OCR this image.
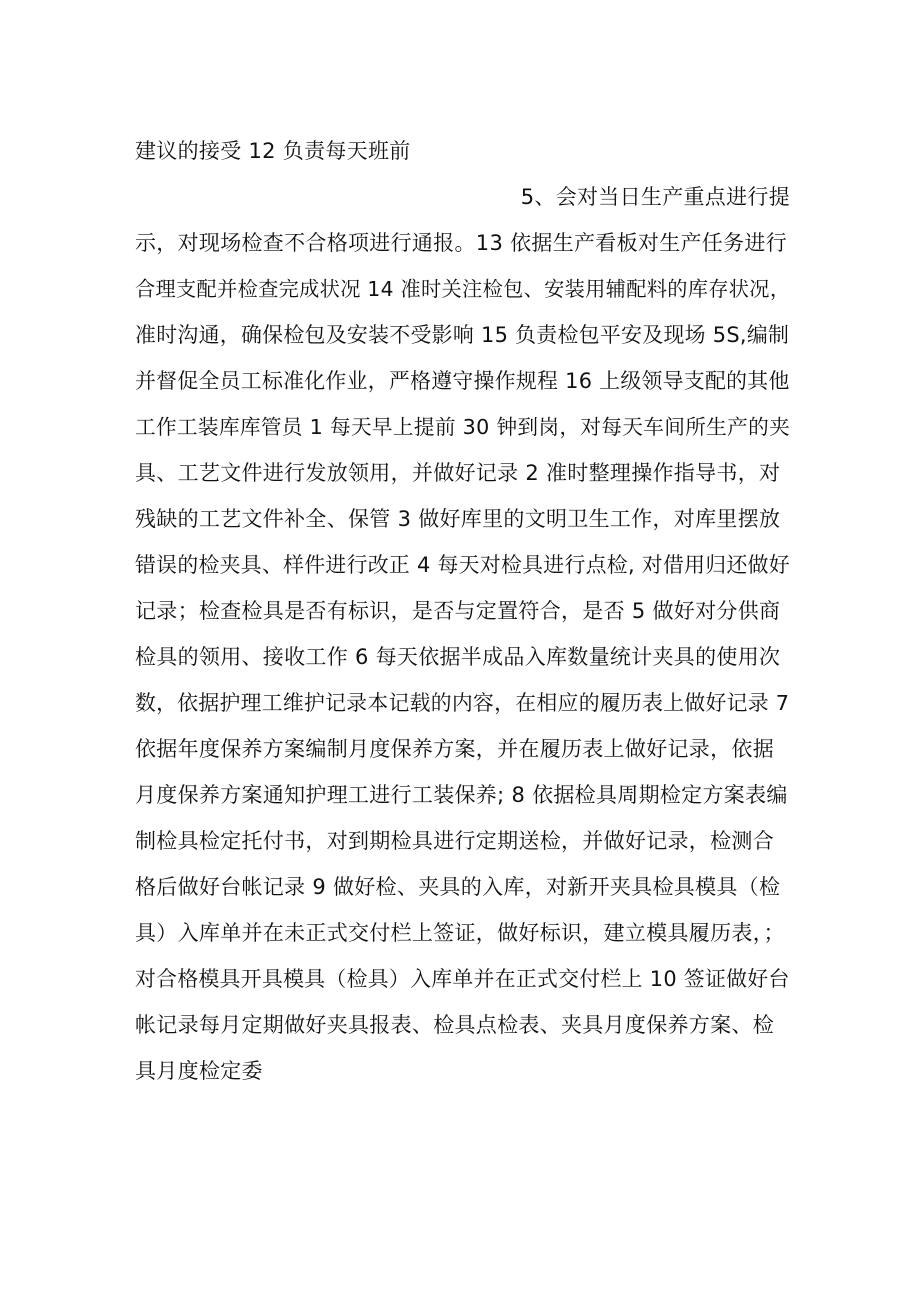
建议的接受 12 负责每天班前
5、会对当日生产重点进行提
示，对现场检查不合格项进行通报。13 依据生产看板对生产任务进行
合理支配并检查完成状况 14 准时关注检包、安装用辅配料的库存状况，
准时沟通，确保检包及安装不受影响 15 负责检包平安及现场 5S,编制
并督促全员工标准化作业，严格遵守操作规程 16 上级领导支配的其他
工作工装库库管员 1 每天早上提前 30 钟到岗，对每天车间所生产的夹
具、工艺文件进行发放领用，并做好记录 2 准时整理操作指导书，对
残缺的工艺文件补全、保管 3 做好库里的文明卫生工作，对库里摆放
错误的检夹具、样件进行改正 4 每天对检具进行点检, 对借用归还做好
记录；检查检具是否有标识，是否与定置符合，是否 5 做好对分供商
检具的领用、接收工作 6 每天依据半成品入库数量统计夹具的使用次
数，依据护理工维护记录本记载的内容，在相应的履历表上做好记录 7
依据年度保养方案编制月度保养方案，并在履历表上做好记录，依据
月度保养方案通知护理工进行工装保养; 8 依据检具周期检定方案表编
制检具检定托付书，对到期检具进行定期送检，并做好记录，检测合
格后做好台帐记录 9 做好检、夹具的入库，对新开夹具检具模具（检
具）入库单并在未正式交付栏上签证，做好标识，建立模具履历表，；
对合格模具开具模具（检具）入库单并在正式交付栏上 10 签证做好台
帐记录每月定期做好夹具报表、检具点检表、夹具月度保养方案、检
具月度检定委
